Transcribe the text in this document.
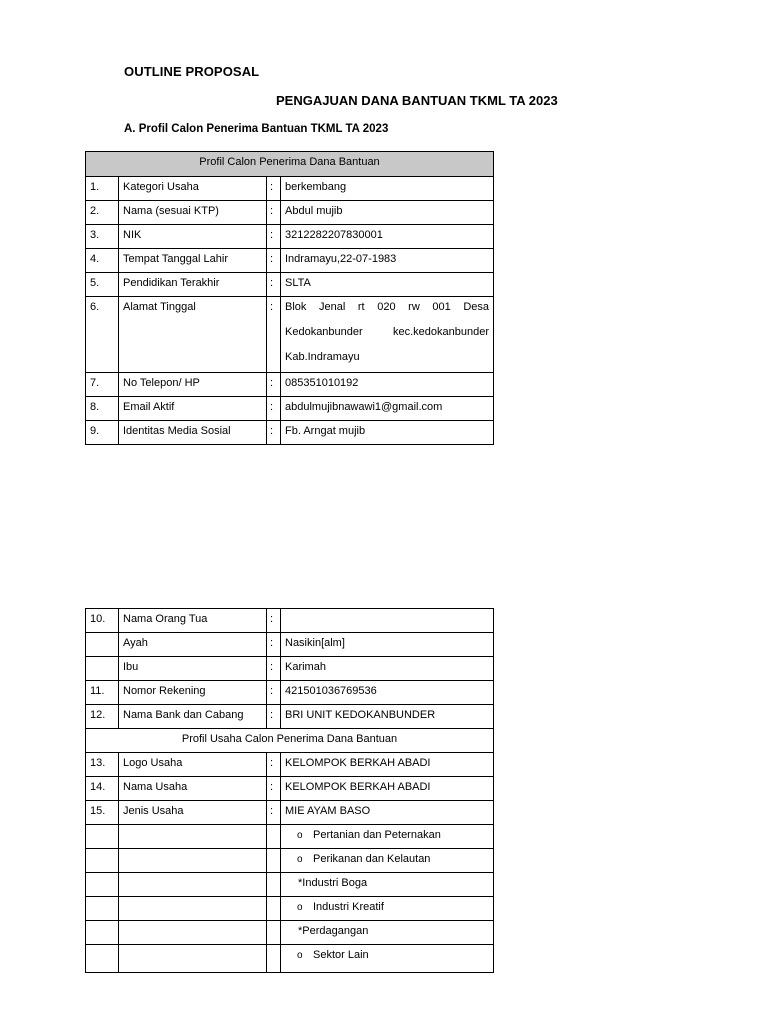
OUTLINE PROPOSAL
PENGAJUAN DANA BANTUAN TKML TA 2023
A. Profil Calon Penerima Bantuan TKML TA 2023
Profil Calon Penerima Dana Bantuan			
1.	Kategori Usaha	:	berkembang
2.	Nama (sesuai KTP)	:	Abdul mujib
3.	NIK	:	3212282207830001
4.	Tempat Tanggal Lahir	:	Indramayu,22-07-1983
5.	Pendidikan Terakhir	:	SLTA
6.	Alamat Tinggal	:	Blok Jenal rt 020 rw 001 Desa Kedokanbunder kec.kedokanbunder
Kab.Indramayu

7.	No Telepon/ HP	:	085351010192
8.	Email Aktif	:	abdulmujibnawawi1@gmail.com
9.	Identitas Media Sosial	:	Fb. Arngat mujib
10.	Nama Orang Tua	:	
	Ayah	:	Nasikin[alm]
	Ibu	:	Karimah
11.	Nomor Rekening	:	421501036769536
12.	Nama Bank dan Cabang	:	BRI UNIT KEDOKANBUNDER
Profil Usaha Calon Penerima Dana Bantuan			
13.	Logo Usaha	:	KELOMPOK BERKAH ABADI
14.	Nama Usaha	:	KELOMPOK BERKAH ABADI
15.	Jenis Usaha	:	MIE AYAM BASO
			o Pertanian dan Peternakan
			o Perikanan dan Kelautan
			*Industri Boga
			o Industri Kreatif
			*Perdagangan
			o Sektor Lain
